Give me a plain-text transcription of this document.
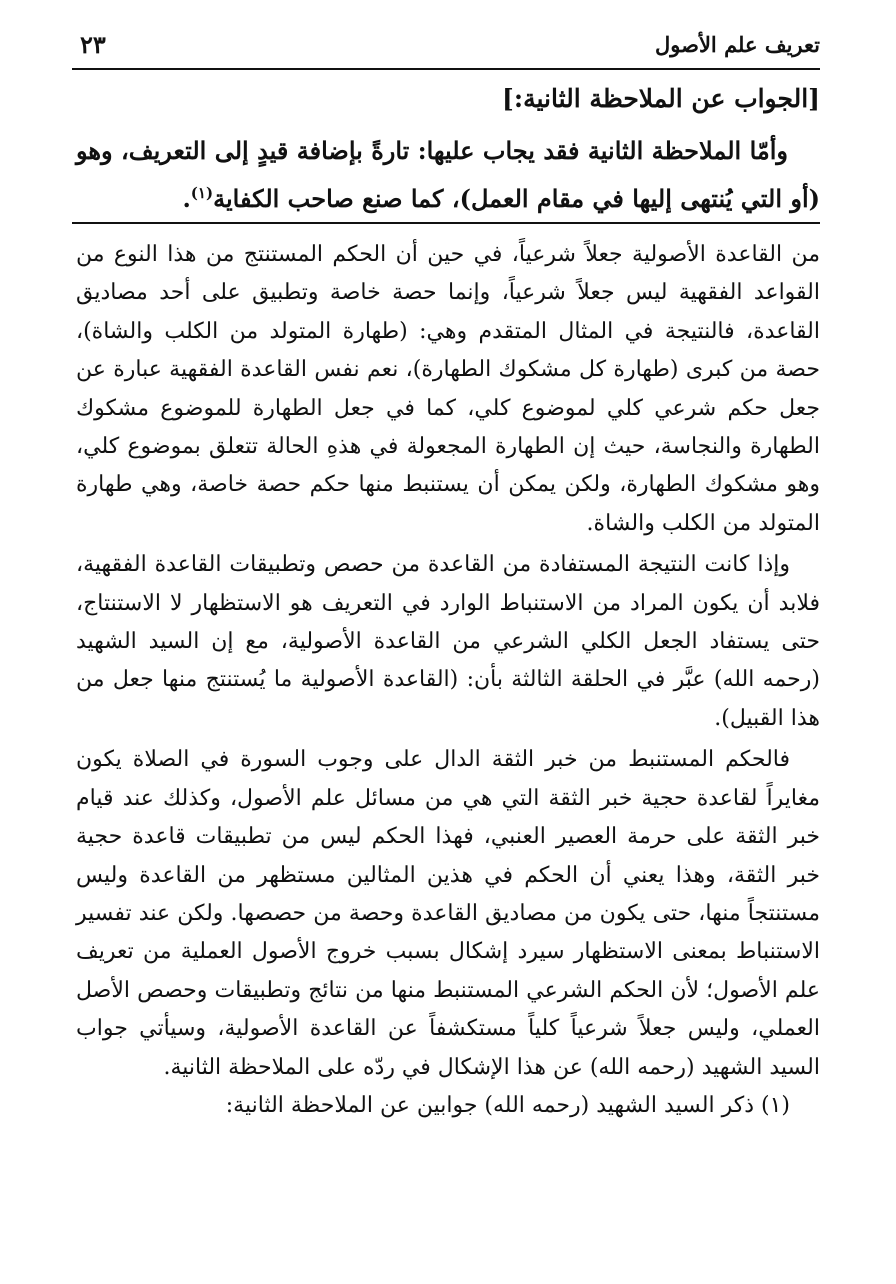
تعريف علم الأصول
٢٣
[الجواب عن الملاحظة الثانية:]
وأمّا الملاحظة الثانية فقد يجاب عليها: تارةً بإضافة قيدٍ إلى التعريف، وهو (أو التي يُنتهى إليها في مقام العمل)، كما صنع صاحب الكفاية$^{(١)}$.

من القاعدة الأصولية جعلاً شرعياً، في حين أن الحكم المستنتج من هذا النوع من القواعد الفقهية ليس جعلاً شرعياً، وإنما حصة خاصة وتطبيق على أحد مصاديق القاعدة، فالنتيجة في المثال المتقدم وهي: (طهارة المتولد من الكلب والشاة)، حصة من كبرى (طهارة كل مشكوك الطهارة)، نعم نفس القاعدة الفقهية عبارة عن جعل حكم شرعي كلي لموضوع كلي، كما في جعل الطهارة للموضوع مشكوك الطهارة والنجاسة، حيث إن الطهارة المجعولة في هذهِ الحالة تتعلق بموضوع كلي، وهو مشكوك الطهارة، ولكن يمكن أن يستنبط منها حكم حصة خاصة، وهي طهارة المتولد من الكلب والشاة.

وإذا كانت النتيجة المستفادة من القاعدة من حصص وتطبيقات القاعدة الفقهية، فلابد أن يكون المراد من الاستنباط الوارد في التعريف هو الاستظهار لا الاستنتاج، حتى يستفاد الجعل الكلي الشرعي من القاعدة الأصولية، مع إن السيد الشهيد (رحمه الله) عبَّر في الحلقة الثالثة بأن: (القاعدة الأصولية ما يُستنتج منها جعل من هذا القبيل).

فالحكم المستنبط من خبر الثقة الدال على وجوب السورة في الصلاة يكون مغايراً لقاعدة حجية خبر الثقة التي هي من مسائل علم الأصول، وكذلك عند قيام خبر الثقة على حرمة العصير العنبي، فهذا الحكم ليس من تطبيقات قاعدة حجية خبر الثقة، وهذا يعني أن الحكم في هذين المثالين مستظهر من القاعدة وليس مستنتجاً منها، حتى يكون من مصاديق القاعدة وحصة من حصصها. ولكن عند تفسير الاستنباط بمعنى الاستظهار سيرد إشكال بسبب خروج الأصول العملية من تعريف علم الأصول؛ لأن الحكم الشرعي المستنبط منها من نتائج وتطبيقات وحصص الأصل العملي، وليس جعلاً شرعياً كلياً مستكشفاً عن القاعدة الأصولية، وسيأتي جواب السيد الشهيد (رحمه الله) عن هذا الإشكال في ردّه على الملاحظة الثانية.

(١) ذكر السيد الشهيد (رحمه الله) جوابين عن الملاحظة الثانية:
